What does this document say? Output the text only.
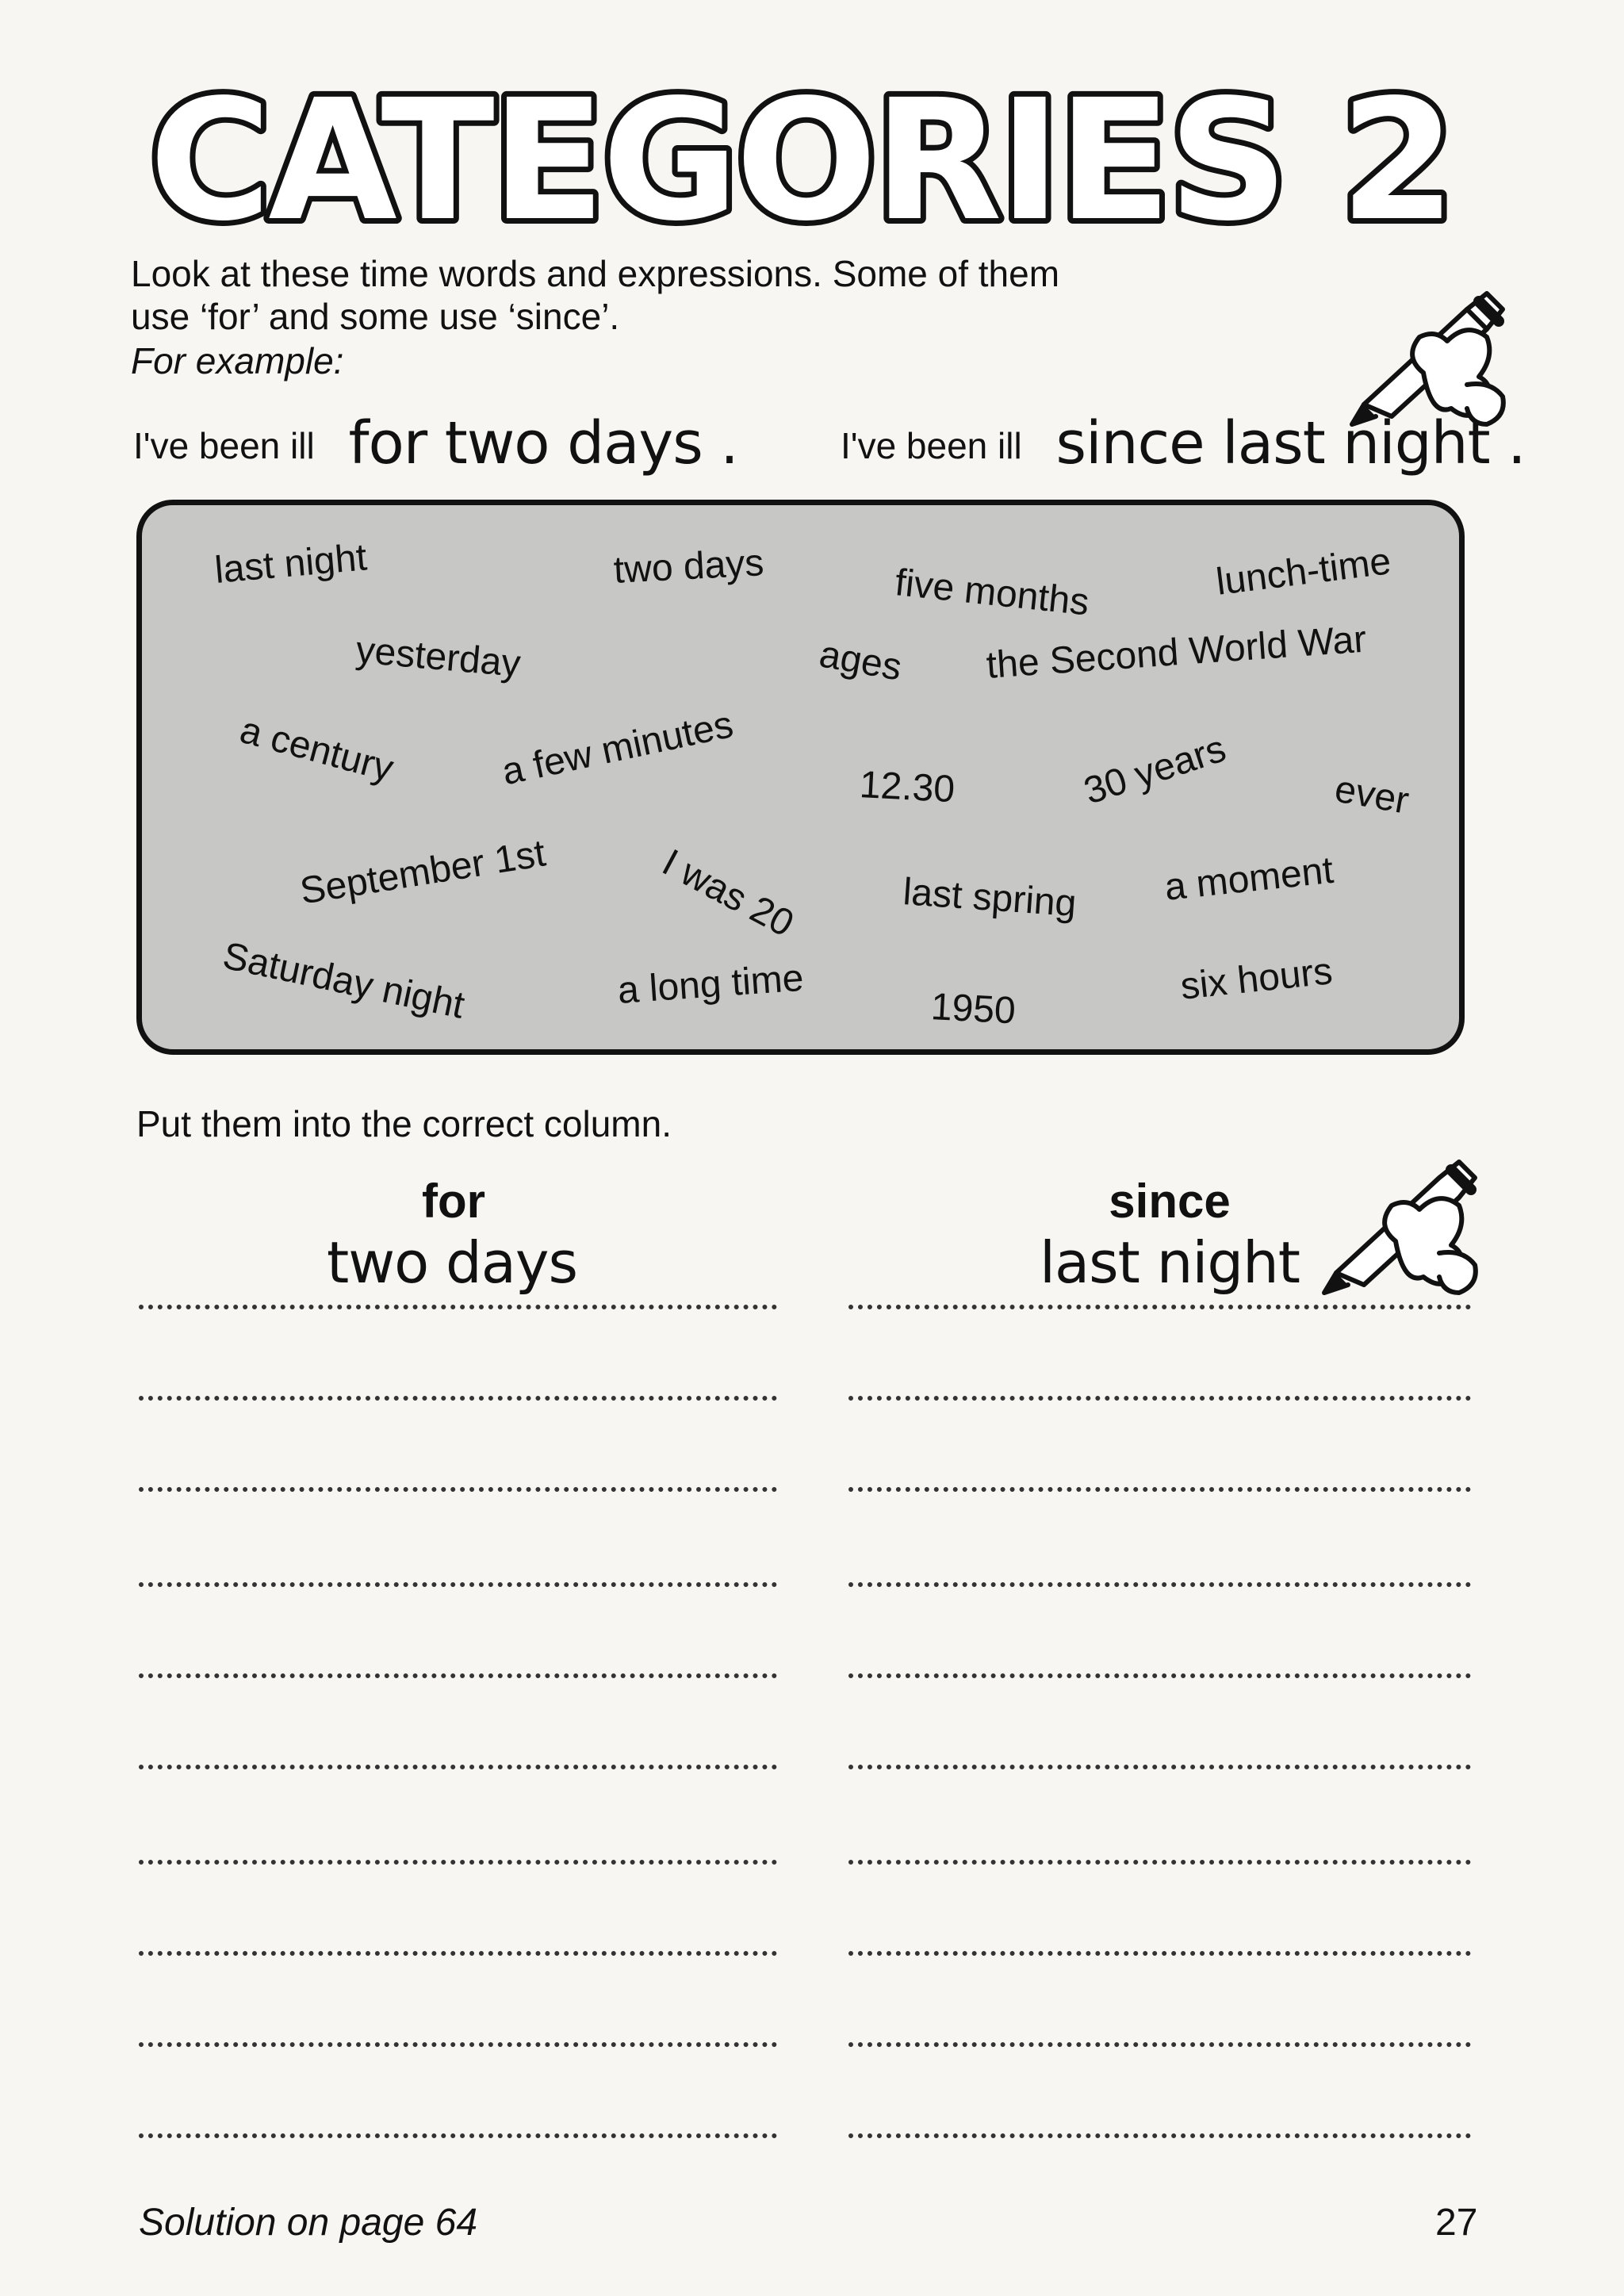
CATEGORIES 2

Look at these time words and expressions. Some of them

use ‘for’ and some use ‘since’.

For example:

I've been ill for two days .	I've been ill since last night .
last night	two days	five months	lunch-time
yesterday	ages the Second World War
a century	a few minutes	12.30	30 years	ever
September 1st	I was 20	last spring a moment
Saturday night	a long time	1950
six hours
Put them into the correct column.
for
two days
since
last night
Solution on page 64	27
